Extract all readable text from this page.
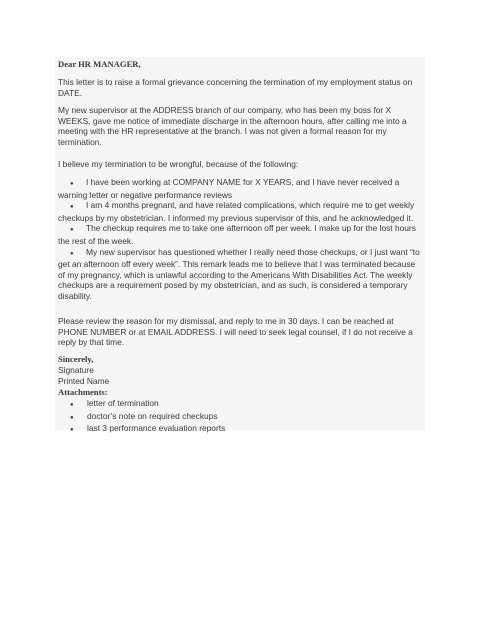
Dear HR MANAGER,

This letter is to raise a formal grievance concerning the termination of my employment status on DATE.

My new supervisor at the ADDRESS branch of our company, who has been my boss for X WEEKS, gave me notice of immediate discharge in the afternoon hours, after calling me into a meeting with the HR representative at the branch. I was not given a formal reason for my termination.

I believe my termination to be wrongful, because of the following:

● I have been working at COMPANY NAME for X YEARS, and I have never received a warning letter or negative performance reviews
● I am 4 months pregnant, and have related complications, which require me to get weekly checkups by my obstetrician. I informed my previous supervisor of this, and he acknowledged it.
● The checkup requires me to take one afternoon off per week. I make up for the lost hours the rest of the week.
● My new supervisor has questioned whether I really need those checkups, or I just want “to get an afternoon off every week”. This remark leads me to believe that I was terminated because of my pregnancy, which is unlawful according to the Americans With Disabilities Act. The weekly checkups are a requirement posed by my obstetrician, and as such, is considered a temporary disability.

Please review the reason for my dismissal, and reply to me in 30 days. I can be reached at PHONE NUMBER or at EMAIL ADDRESS. I will need to seek legal counsel, if I do not receive a reply by that time.

Sincerely,

Signature

Printed Name

Attachments:

● letter of termination
● doctor’s note on required checkups
● last 3 performance evaluation reports
